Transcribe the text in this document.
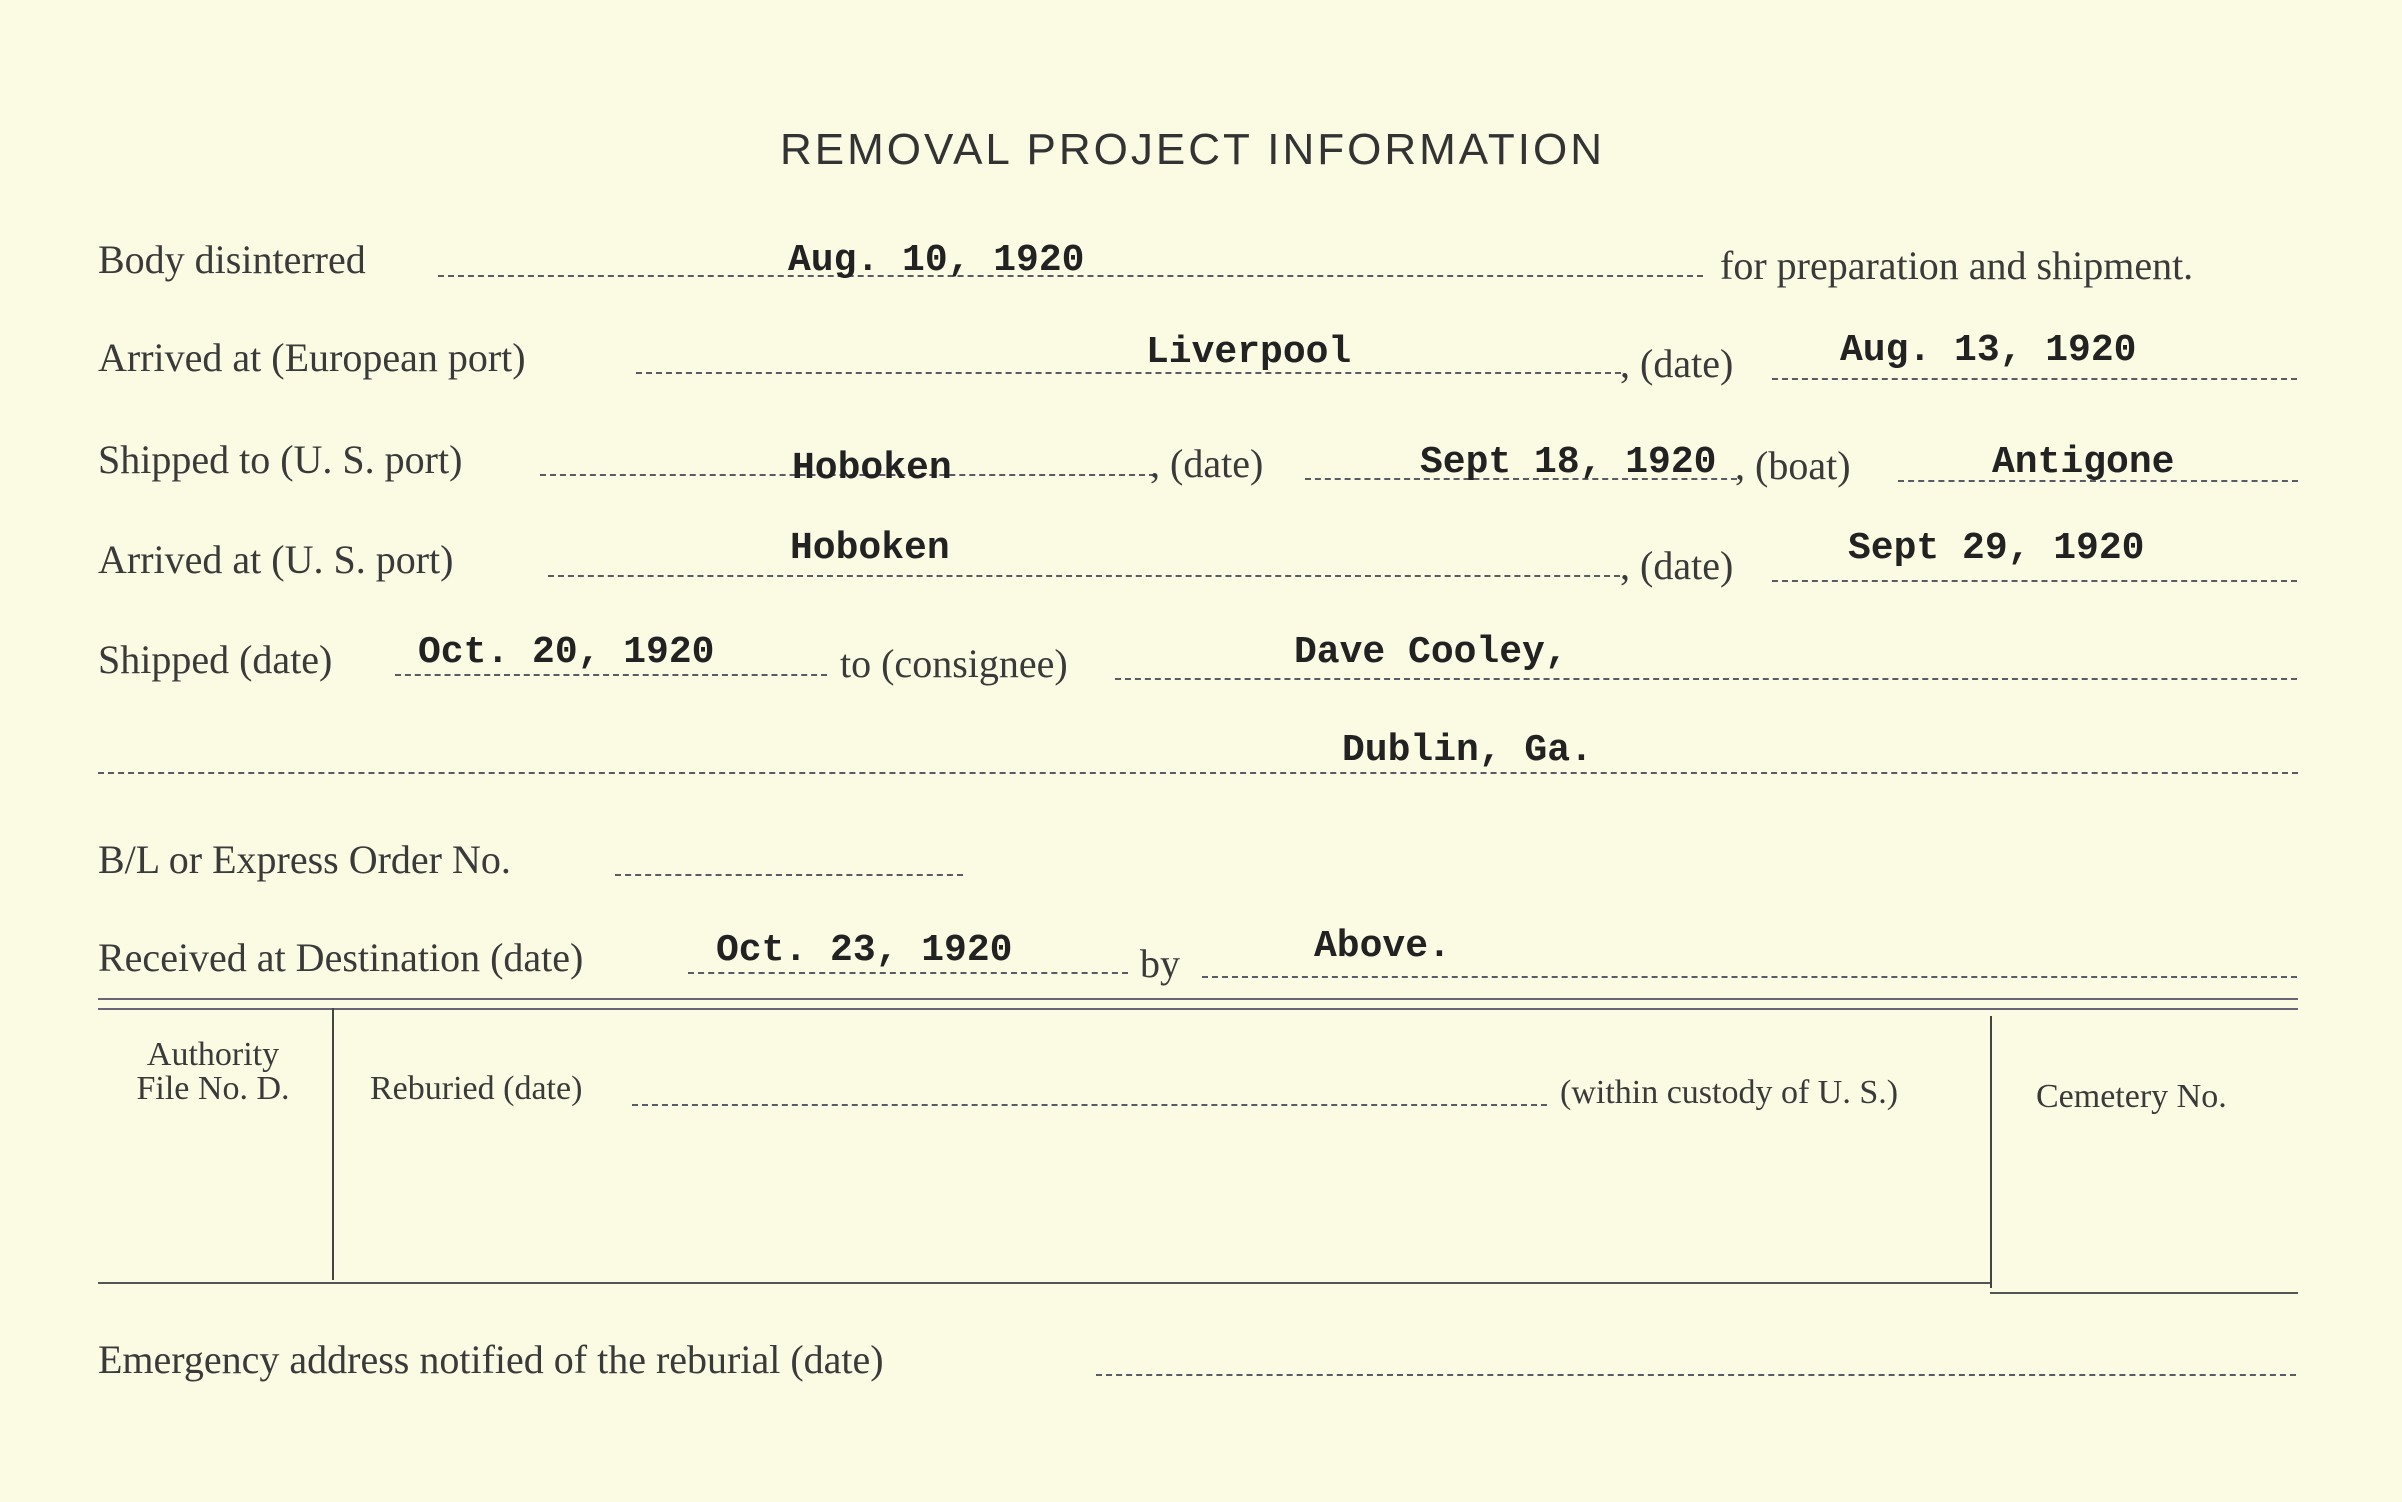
REMOVAL PROJECT INFORMATION
Body disinterred	Aug. 10, 1920	for preparation and shipment.
Arrived at (European port)	Liverpool	, (date)	Aug. 13, 1920
Shipped to (U. S. port)	Hoboken	, (date)	Sept 18, 1920 , (boat)	Antigone
Arrived at (U. S. port)	Hoboken	, (date)	Sept 29, 1920
Shipped (date) Oct. 20, 1920	to (consignee)	Dave Cooley,
Dublin, Ga.
B/L or Express Order No.
Received at Destination (date)	Oct. 23, 1920	by	Above.
Authority
File No. D.	Reburied (date)	(within custody of U. S.)	Cemetery No.
Emergency address notified of the reburial (date)
